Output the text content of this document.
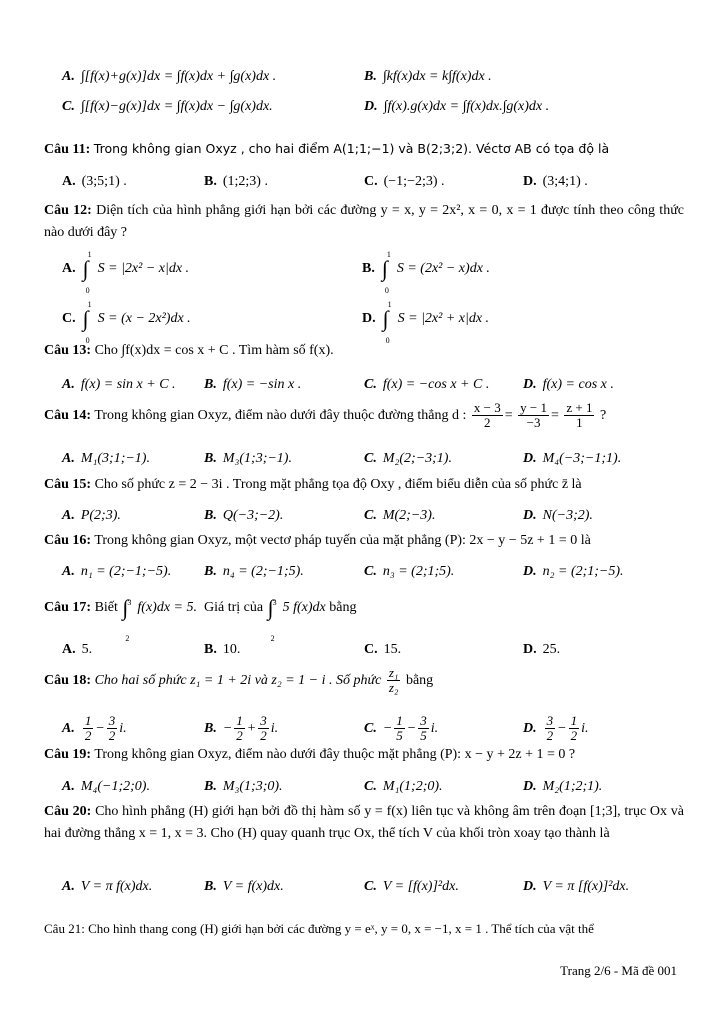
A. ∫[f(x)+g(x)]dx = ∫f(x)dx + ∫g(x)dx .	B. ∫kf(x)dx = k∫f(x)dx .
C. ∫[f(x)−g(x)]dx = ∫f(x)dx − ∫g(x)dx.	D. ∫f(x).g(x)dx = ∫f(x)dx.∫g(x)dx .
Câu 11: Trong không gian Oxyz , cho hai điểm A(1;1;−1) và B(2;3;2). Véctơ AB có tọa độ là
A. (3;5;1) .	B. (1;2;3) .	C. (−1;−2;3) .	D. (3;4;1) .
Câu 12: Diện tích của hình phẳng giới hạn bởi các đường y = x, y = 2x², x = 0, x = 1 được tính theo công thức nào dưới đây ?
A. ∫
1
0
S = |2x² − x|dx .	B. ∫
1
0
S = (2x² − x)dx .
C. ∫
1
0
S = (x − 2x²)dx .	D. ∫
1
0
S = |2x² + x|dx .
Câu 13: Cho ∫f(x)dx = cos x + C . Tìm hàm số f(x).
A. f(x) = sin x + C . B. f(x) = −sin x .	C. f(x) = −cos x + C . D. f(x) = cos x .
Câu 14: Trong không gian Oxyz, điểm nào dưới đây thuộc đường thẳng d : $\frac{x - 3}{2} = \frac{y - 1}{-3} = \frac{z + 1}{1}$ ?
A. M₁(3;1;−1).	B. M₃(1;3;−1).	C. M₂(2;−3;1).	D. M₄(−3;−1;1).
Câu 15: Cho số phức z = 2 − 3i . Trong mặt phẳng tọa độ Oxy , điểm biểu diễn của số phức z̄ là
A. P(2;3).	B. Q(−3;−2).	C. M(2;−3).	D. N(−3;2).
Câu 16: Trong không gian Oxyz, một vectơ pháp tuyến của mặt phẳng (P): 2x − y − 5z + 1 = 0 là
A. n₁ = (2;−1;−5). B. n₄ = (2;−1;5).	C. n₃ = (2;1;5).	D. n₂ = (2;1;−5).
Câu 17: Biết ∫
3
2
f(x)dx = 5. Giá trị của ∫
3
2
5 f(x)dx bằng
A. 5.	B. 10.	C. 15.	D. 25.
Câu 18: Cho hai số phức z₁ = 1 + 2i và z₂ = 1 − i . Số phức $\frac{\text{z₁}}{\text{z₂}}$ bằng
A. $\frac{1}{2} - \frac{3}{2} i$.	B. − $\frac{1}{2} + \frac{3}{2} i$.	C. − $\frac{1}{5} - \frac{3}{5} i$.	D. $\frac{3}{2} - \frac{1}{2} i$.
Câu 19: Trong không gian Oxyz, điểm nào dưới đây thuộc mặt phẳng (P): x − y + 2z + 1 = 0 ?
A. M₄(−1;2;0).	B. M₃(1;3;0).	C. M₁(1;2;0).	D. M₂(1;2;1).
Câu 20: Cho hình phẳng (H) giới hạn bởi đồ thị hàm số y = f(x) liên tục và không âm trên đoạn [1;3], trục Ox và hai đường thẳng x = 1, x = 3. Cho (H) quay quanh trục Ox, thể tích V của khối tròn xoay tạo thành là
A. V = π f(x)dx.	B. V = f(x)dx.	C. V = [f(x)]²dx.	D. V = π [f(x)]²dx.
Câu 21: Cho hình thang cong (H) giới hạn bởi các đường y = eˣ, y = 0, x = −1, x = 1 . Thể tích của vật thể
Trang 2/6 - Mã đề 001
